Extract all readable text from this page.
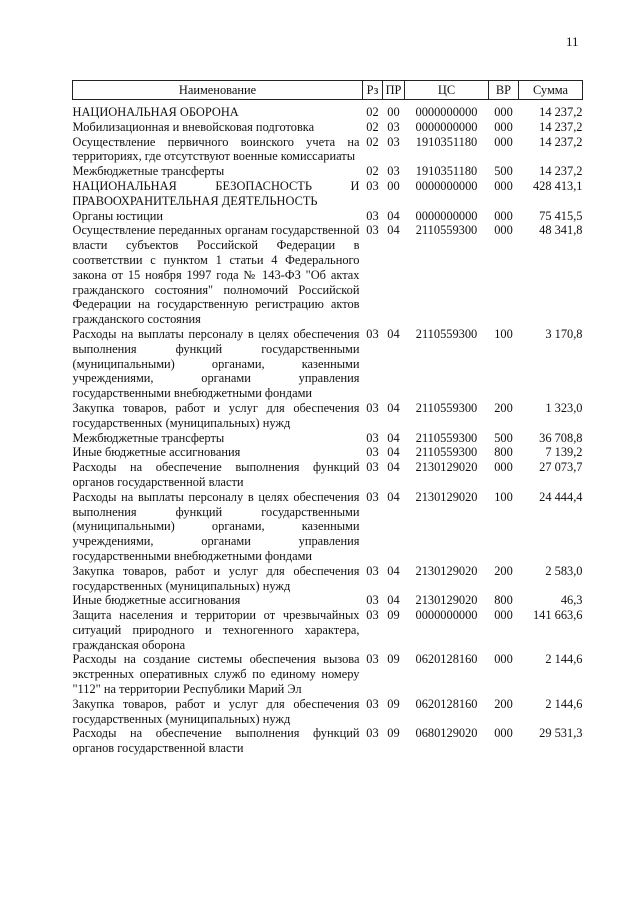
11
Наименование	Рз	ПР	ЦС	ВР	Сумма
НАЦИОНАЛЬНАЯ ОБОРОНА	02	00	0000000000	000	14 237,2
Мобилизационная и вневойсковая подготовка	02	03	0000000000	000	14 237,2
Осуществление первичного воинского учета на территориях, где отсутствуют военные комиссариаты	02	03	1910351180	000	14 237,2
Межбюджетные трансферты	02	03	1910351180	500	14 237,2
НАЦИОНАЛЬНАЯ БЕЗОПАСНОСТЬ И ПРАВООХРАНИТЕЛЬНАЯ ДЕЯТЕЛЬНОСТЬ	03	00	0000000000	000	428 413,1
Органы юстиции	03	04	0000000000	000	75 415,5
Осуществление переданных органам государственной власти субъектов Российской Федерации в соответствии с пунктом 1 статьи 4 Федерального закона от 15 ноября 1997 года № 143-ФЗ "Об актах гражданского состояния" полномочий Российской Федерации на государственную регистрацию актов гражданского состояния	03	04	2110559300	000	48 341,8
Расходы на выплаты персоналу в целях обеспечения выполнения функций государственными (муниципальными) органами, казенными учреждениями, органами управления государственными внебюджетными фондами	03	04	2110559300	100	3 170,8
Закупка товаров, работ и услуг для обеспечения государственных (муниципальных) нужд	03	04	2110559300	200	1 323,0
Межбюджетные трансферты	03	04	2110559300	500	36 708,8
Иные бюджетные ассигнования	03	04	2110559300	800	7 139,2
Расходы на обеспечение выполнения функций органов государственной власти	03	04	2130129020	000	27 073,7
Расходы на выплаты персоналу в целях обеспечения выполнения функций государственными (муниципальными) органами, казенными учреждениями, органами управления государственными внебюджетными фондами	03	04	2130129020	100	24 444,4
Закупка товаров, работ и услуг для обеспечения государственных (муниципальных) нужд	03	04	2130129020	200	2 583,0
Иные бюджетные ассигнования	03	04	2130129020	800	46,3
Защита населения и территории от чрезвычайных ситуаций природного и техногенного характера, гражданская оборона	03	09	0000000000	000	141 663,6
Расходы на создание системы обеспечения вызова экстренных оперативных служб по единому номеру "112" на территории Республики Марий Эл	03	09	0620128160	000	2 144,6
Закупка товаров, работ и услуг для обеспечения государственных (муниципальных) нужд	03	09	0620128160	200	2 144,6
Расходы на обеспечение выполнения функций органов государственной власти	03	09	0680129020	000	29 531,3
